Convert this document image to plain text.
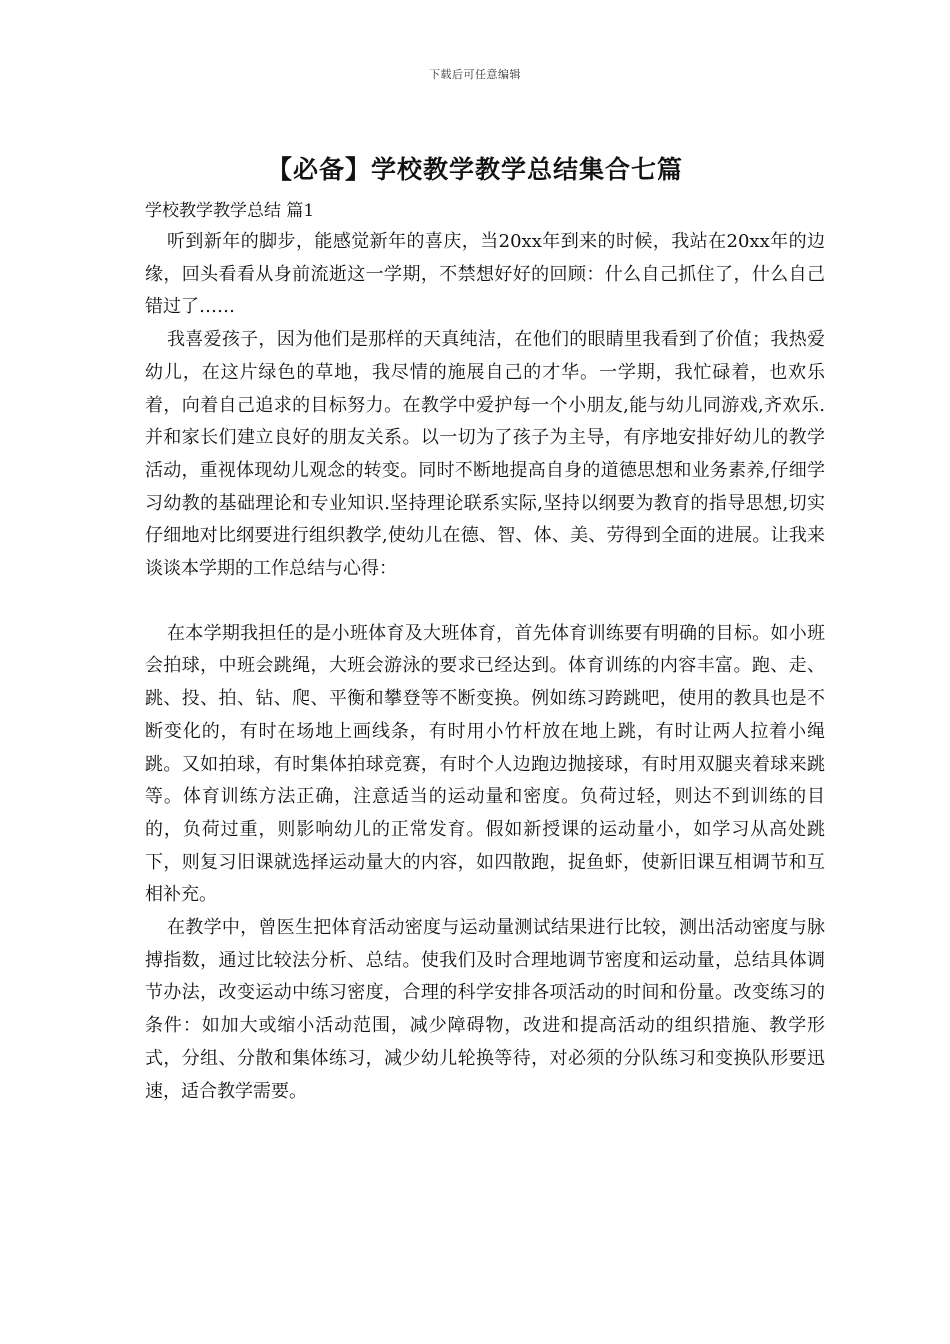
下载后可任意编辑
【必备】学校教学教学总结集合七篇

学校教学教学总结 篇1

听到新年的脚步，能感觉新年的喜庆，当20xx年到来的时候，我站在20xx年的边缘，回头看看从身前流逝这一学期，不禁想好好的回顾：什么自己抓住了，什么自己错过了……

我喜爱孩子，因为他们是那样的天真纯洁，在他们的眼睛里我看到了价值；我热爱幼儿，在这片绿色的草地，我尽情的施展自己的才华。一学期，我忙碌着，也欢乐着，向着自己追求的目标努力。在教学中爱护每一个小朋友,能与幼儿同游戏,齐欢乐.并和家长们建立良好的朋友关系。以一切为了孩子为主导，有序地安排好幼儿的教学活动，重视体现幼儿观念的转变。同时不断地提高自身的道德思想和业务素养,仔细学习幼教的基础理论和专业知识.坚持理论联系实际,坚持以纲要为教育的指导思想,切实仔细地对比纲要进行组织教学,使幼儿在德、智、体、美、劳得到全面的进展。让我来谈谈本学期的工作总结与心得：

在本学期我担任的是小班体育及大班体育，首先体育训练要有明确的目标。如小班会拍球，中班会跳绳，大班会游泳的要求已经达到。体育训练的内容丰富。跑、走、跳、投、拍、钻、爬、平衡和攀登等不断变换。例如练习跨跳吧，使用的教具也是不断变化的，有时在场地上画线条，有时用小竹杆放在地上跳，有时让两人拉着小绳跳。又如拍球，有时集体拍球竞赛，有时个人边跑边抛接球，有时用双腿夹着球来跳等。体育训练方法正确，注意适当的运动量和密度。负荷过轻，则达不到训练的目的，负荷过重，则影响幼儿的正常发育。假如新授课的运动量小，如学习从高处跳下，则复习旧课就选择运动量大的内容，如四散跑，捉鱼虾，使新旧课互相调节和互相补充。

在教学中，曾医生把体育活动密度与运动量测试结果进行比较，测出活动密度与脉搏指数，通过比较法分析、总结。使我们及时合理地调节密度和运动量，总结具体调节办法，改变运动中练习密度，合理的科学安排各项活动的时间和份量。改变练习的条件：如加大或缩小活动范围，减少障碍物，改进和提高活动的组织措施、教学形式，分组、分散和集体练习，减少幼儿轮换等待，对必须的分队练习和变换队形要迅速，适合教学需要。
